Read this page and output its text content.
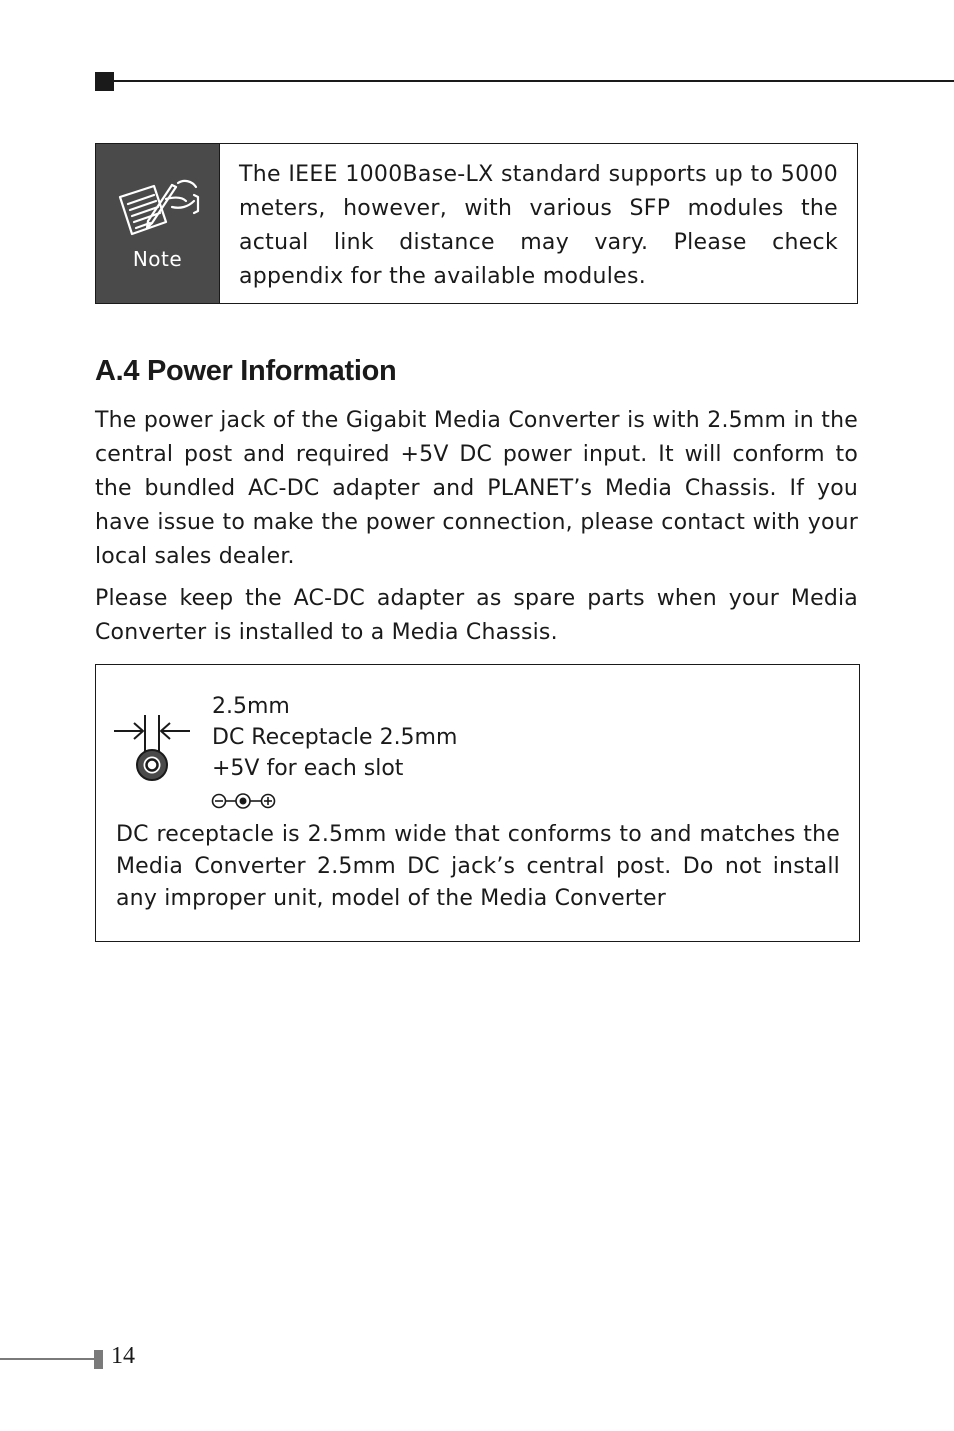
Note
The IEEE 1000Base-LX standard supports up to 5000 meters, however, with various SFP modules the actual link distance may vary. Please check appendix for the available modules.
A.4 Power Information

The power jack of the Gigabit Media Converter is with 2.5mm in the central post and required +5V DC power input. It will conform to the bundled AC-DC adapter and PLANET’s Media Chassis. If you have issue to make the power connection, please contact with your local sales dealer.

Please keep the AC-DC adapter as spare parts when your Media Converter is installed to a Media Chassis.

2.5mm
DC Receptacle 2.5mm
+5V for each slot

DC receptacle is 2.5mm wide that conforms to and matches the Media Converter 2.5mm DC jack’s central post. Do not install any improper unit, model of the Media Converter

14
